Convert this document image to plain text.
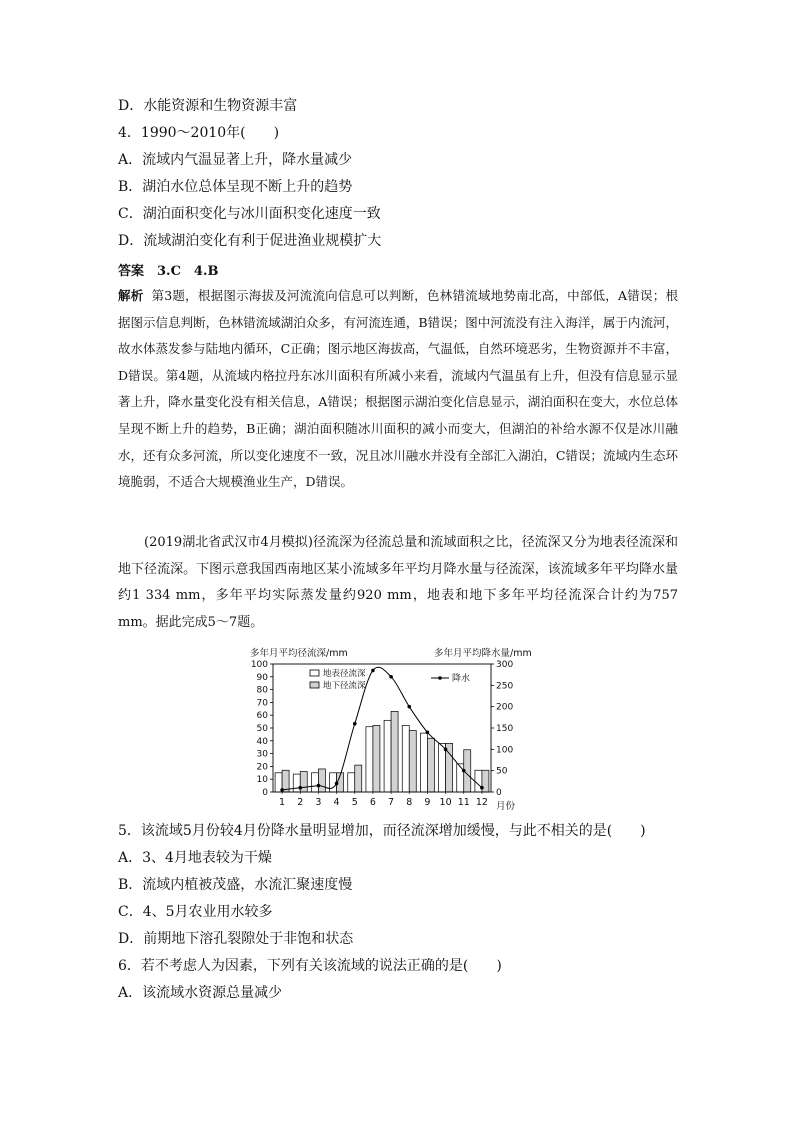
D．水能资源和生物资源丰富
4．1990～2010年(　　)
A．流域内气温显著上升，降水量减少
B．湖泊水位总体呈现不断上升的趋势
C．湖泊面积变化与冰川面积变化速度一致
D．流域湖泊变化有利于促进渔业规模扩大
答案　3.C　4.B
解析 第3题，根据图示海拔及河流流向信息可以判断，色林错流域地势南北高，中部低，A错误；根据图示信息判断，色林错流域湖泊众多，有河流连通，B错误；图中河流没有注入海洋，属于内流河，故水体蒸发参与陆地内循环，C正确；图示地区海拔高，气温低，自然环境恶劣，生物资源并不丰富，D错误。第4题，从流域内格拉丹东冰川面积有所减小来看，流域内气温虽有上升，但没有信息显示显著上升，降水量变化没有相关信息，A错误；根据图示湖泊变化信息显示，湖泊面积在变大，水位总体呈现不断上升的趋势，B正确；湖泊面积随冰川面积的减小而变大，但湖泊的补给水源不仅是冰川融水，还有众多河流，所以变化速度不一致，况且冰川融水并没有全部汇入湖泊，C错误；流域内生态环境脆弱，不适合大规模渔业生产，D错误。
(2019湖北省武汉市4月模拟)径流深为径流总量和流域面积之比，径流深又分为地表径流深和地下径流深。下图示意我国西南地区某小流域多年平均月降水量与径流深，该流域多年平均降水量约1 334 mm，多年平均实际蒸发量约920 mm，地表和地下多年平均径流深合计约为757 mm。据此完成5～7题。
多年月平均径流深/mm	多年月平均降水量/mm
0
10
20
30
40
50
60
70
80
90
100
0
50
100
150
200
250
300
1 2 3 4 5 6 7 8 9 10 11 12 月份
地表径流深
地下径流深
降水
5．该流域5月份较4月份降水量明显增加，而径流深增加缓慢，与此不相关的是(　　)
A．3、4月地表较为干燥
B．流域内植被茂盛，水流汇聚速度慢
C．4、5月农业用水较多
D．前期地下溶孔裂隙处于非饱和状态
6．若不考虑人为因素，下列有关该流域的说法正确的是(　　)
A．该流域水资源总量减少
